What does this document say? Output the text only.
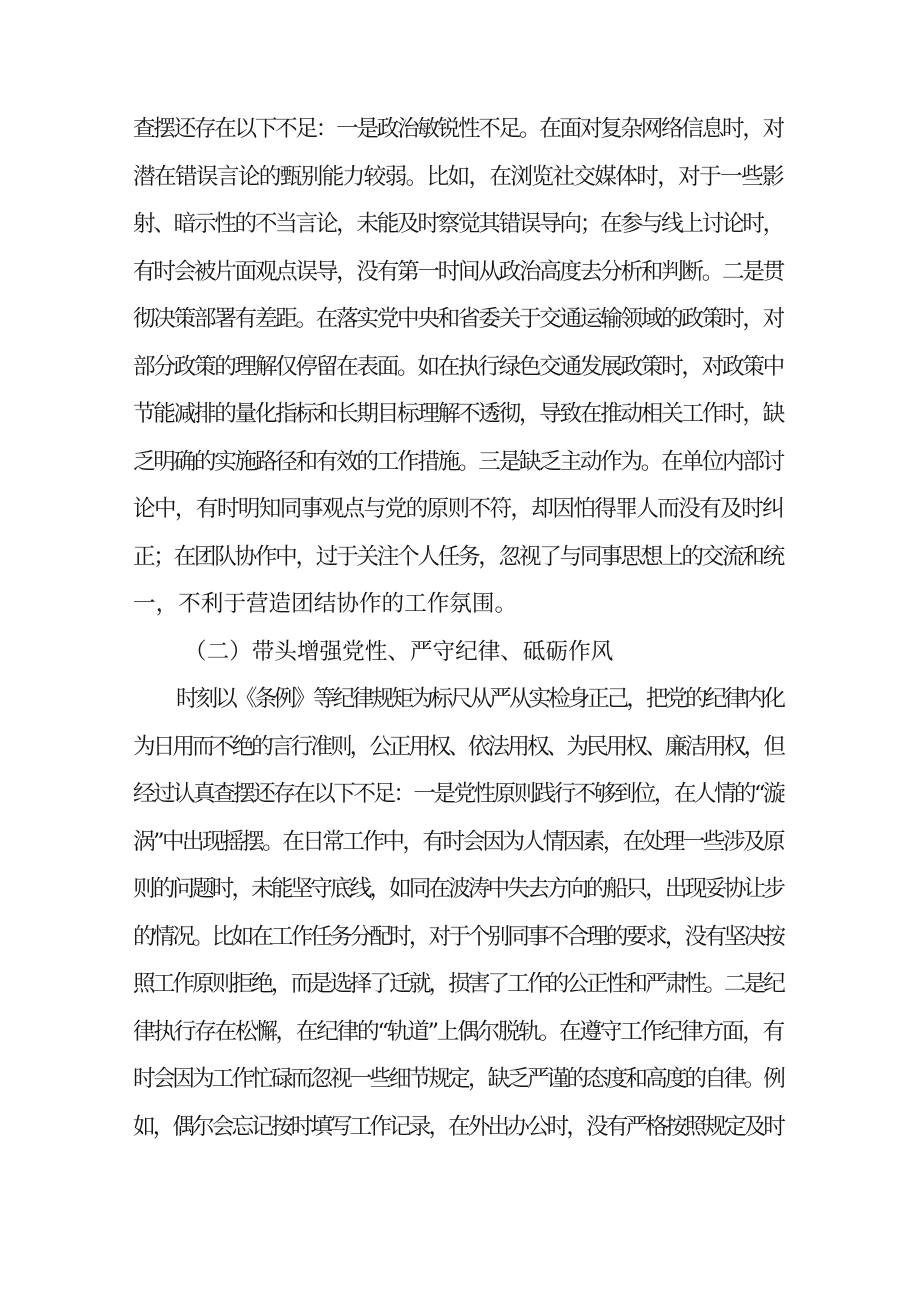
查摆还存在以下不足：一是政治敏锐性不足。在面对复杂网络信息时，对
潜在错误言论的甄别能力较弱。比如，在浏览社交媒体时，对于一些影
射、暗示性的不当言论，未能及时察觉其错误导向；在参与线上讨论时，
有时会被片面观点误导，没有第一时间从政治高度去分析和判断。二是贯
彻决策部署有差距。在落实党中央和省委关于交通运输领域的政策时，对
部分政策的理解仅停留在表面。如在执行绿色交通发展政策时，对政策中
节能减排的量化指标和长期目标理解不透彻，导致在推动相关工作时，缺
乏明确的实施路径和有效的工作措施。三是缺乏主动作为。在单位内部讨
论中，有时明知同事观点与党的原则不符，却因怕得罪人而没有及时纠
正；在团队协作中，过于关注个人任务，忽视了与同事思想上的交流和统
一，不利于营造团结协作的工作氛围。
（二）带头增强党性、严守纪律、砥砺作风
时刻以《条例》等纪律规矩为标尺从严从实检身正己，把党的纪律内化
为日用而不绝的言行准则，公正用权、依法用权、为民用权、廉洁用权，但
经过认真查摆还存在以下不足：一是党性原则践行不够到位，在人情的“漩
涡”中出现摇摆。在日常工作中，有时会因为人情因素，在处理一些涉及原
则的问题时，未能坚守底线，如同在波涛中失去方向的船只，出现妥协让步
的情况。比如在工作任务分配时，对于个别同事不合理的要求，没有坚决按
照工作原则拒绝，而是选择了迁就，损害了工作的公正性和严肃性。二是纪
律执行存在松懈，在纪律的“轨道”上偶尔脱轨。在遵守工作纪律方面，有
时会因为工作忙碌而忽视一些细节规定，缺乏严谨的态度和高度的自律。例
如，偶尔会忘记按时填写工作记录，在外出办公时，没有严格按照规定及时
